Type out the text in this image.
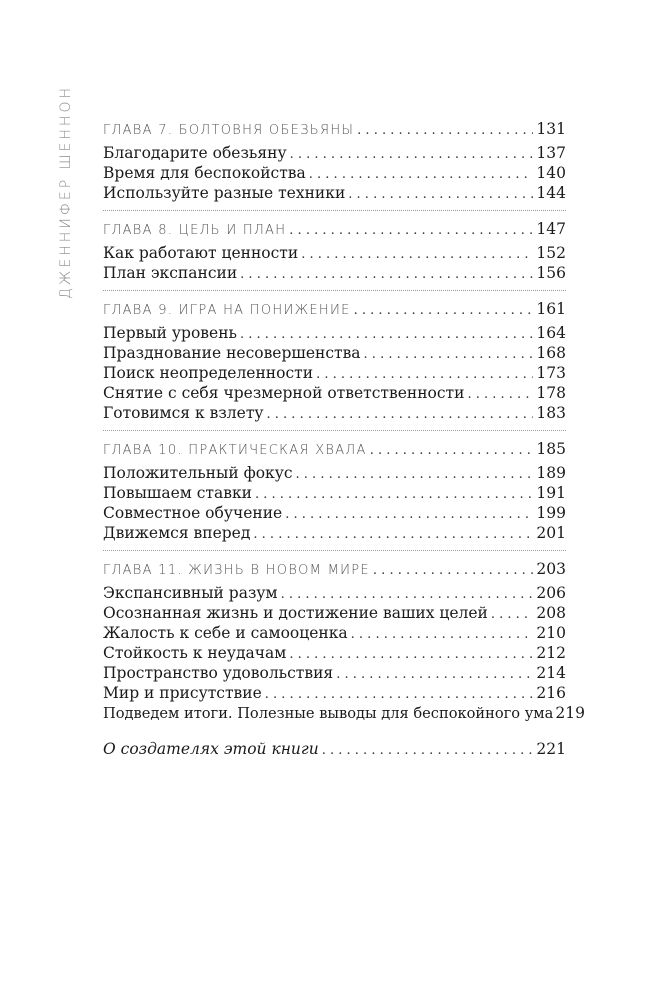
ДЖЕННИФЕР ШЕННОН ГЛАВА 7. БОЛТОВНЯ ОБЕЗЬЯНЫ . . .	131
Благодарите обезьяну . . .	137
Время для беспокойства . . .	140
Используйте разные техники . . .	144
ГЛАВА 8. ЦЕЛЬ И ПЛАН . . .	147
Как работают ценности . . .	152
План экспансии . . .	156
ГЛАВА 9. ИГРА НА ПОНИЖЕНИЕ . . .	161
Первый уровень . . .	164
Празднование несовершенства . . .	168
Поиск неопределенности . . .	173
Снятие с себя чрезмерной ответственности . . .	178
Готовимся к взлету . . .	183
ГЛАВА 10. ПРАКТИЧЕСКАЯ ХВАЛА . . .	185
Положительный фокус . . .	189
Повышаем ставки . . .	191
Совместное обучение . . .	199
Движемся вперед . . .	201
ГЛАВА 11. ЖИЗНЬ В НОВОМ МИРЕ . . .	203
Экспансивный разум . . .	206
Осознанная жизнь и достижение ваших целей . . .	208
Жалость к себе и самооценка . . .	210
Стойкость к неудачам . . .	212
Пространство удовольствия . . .	214
Мир и присутствие . . .	216
Подведем итоги. Полезные выводы для беспокойного ума 219
О создателях этой книги . . .	221
